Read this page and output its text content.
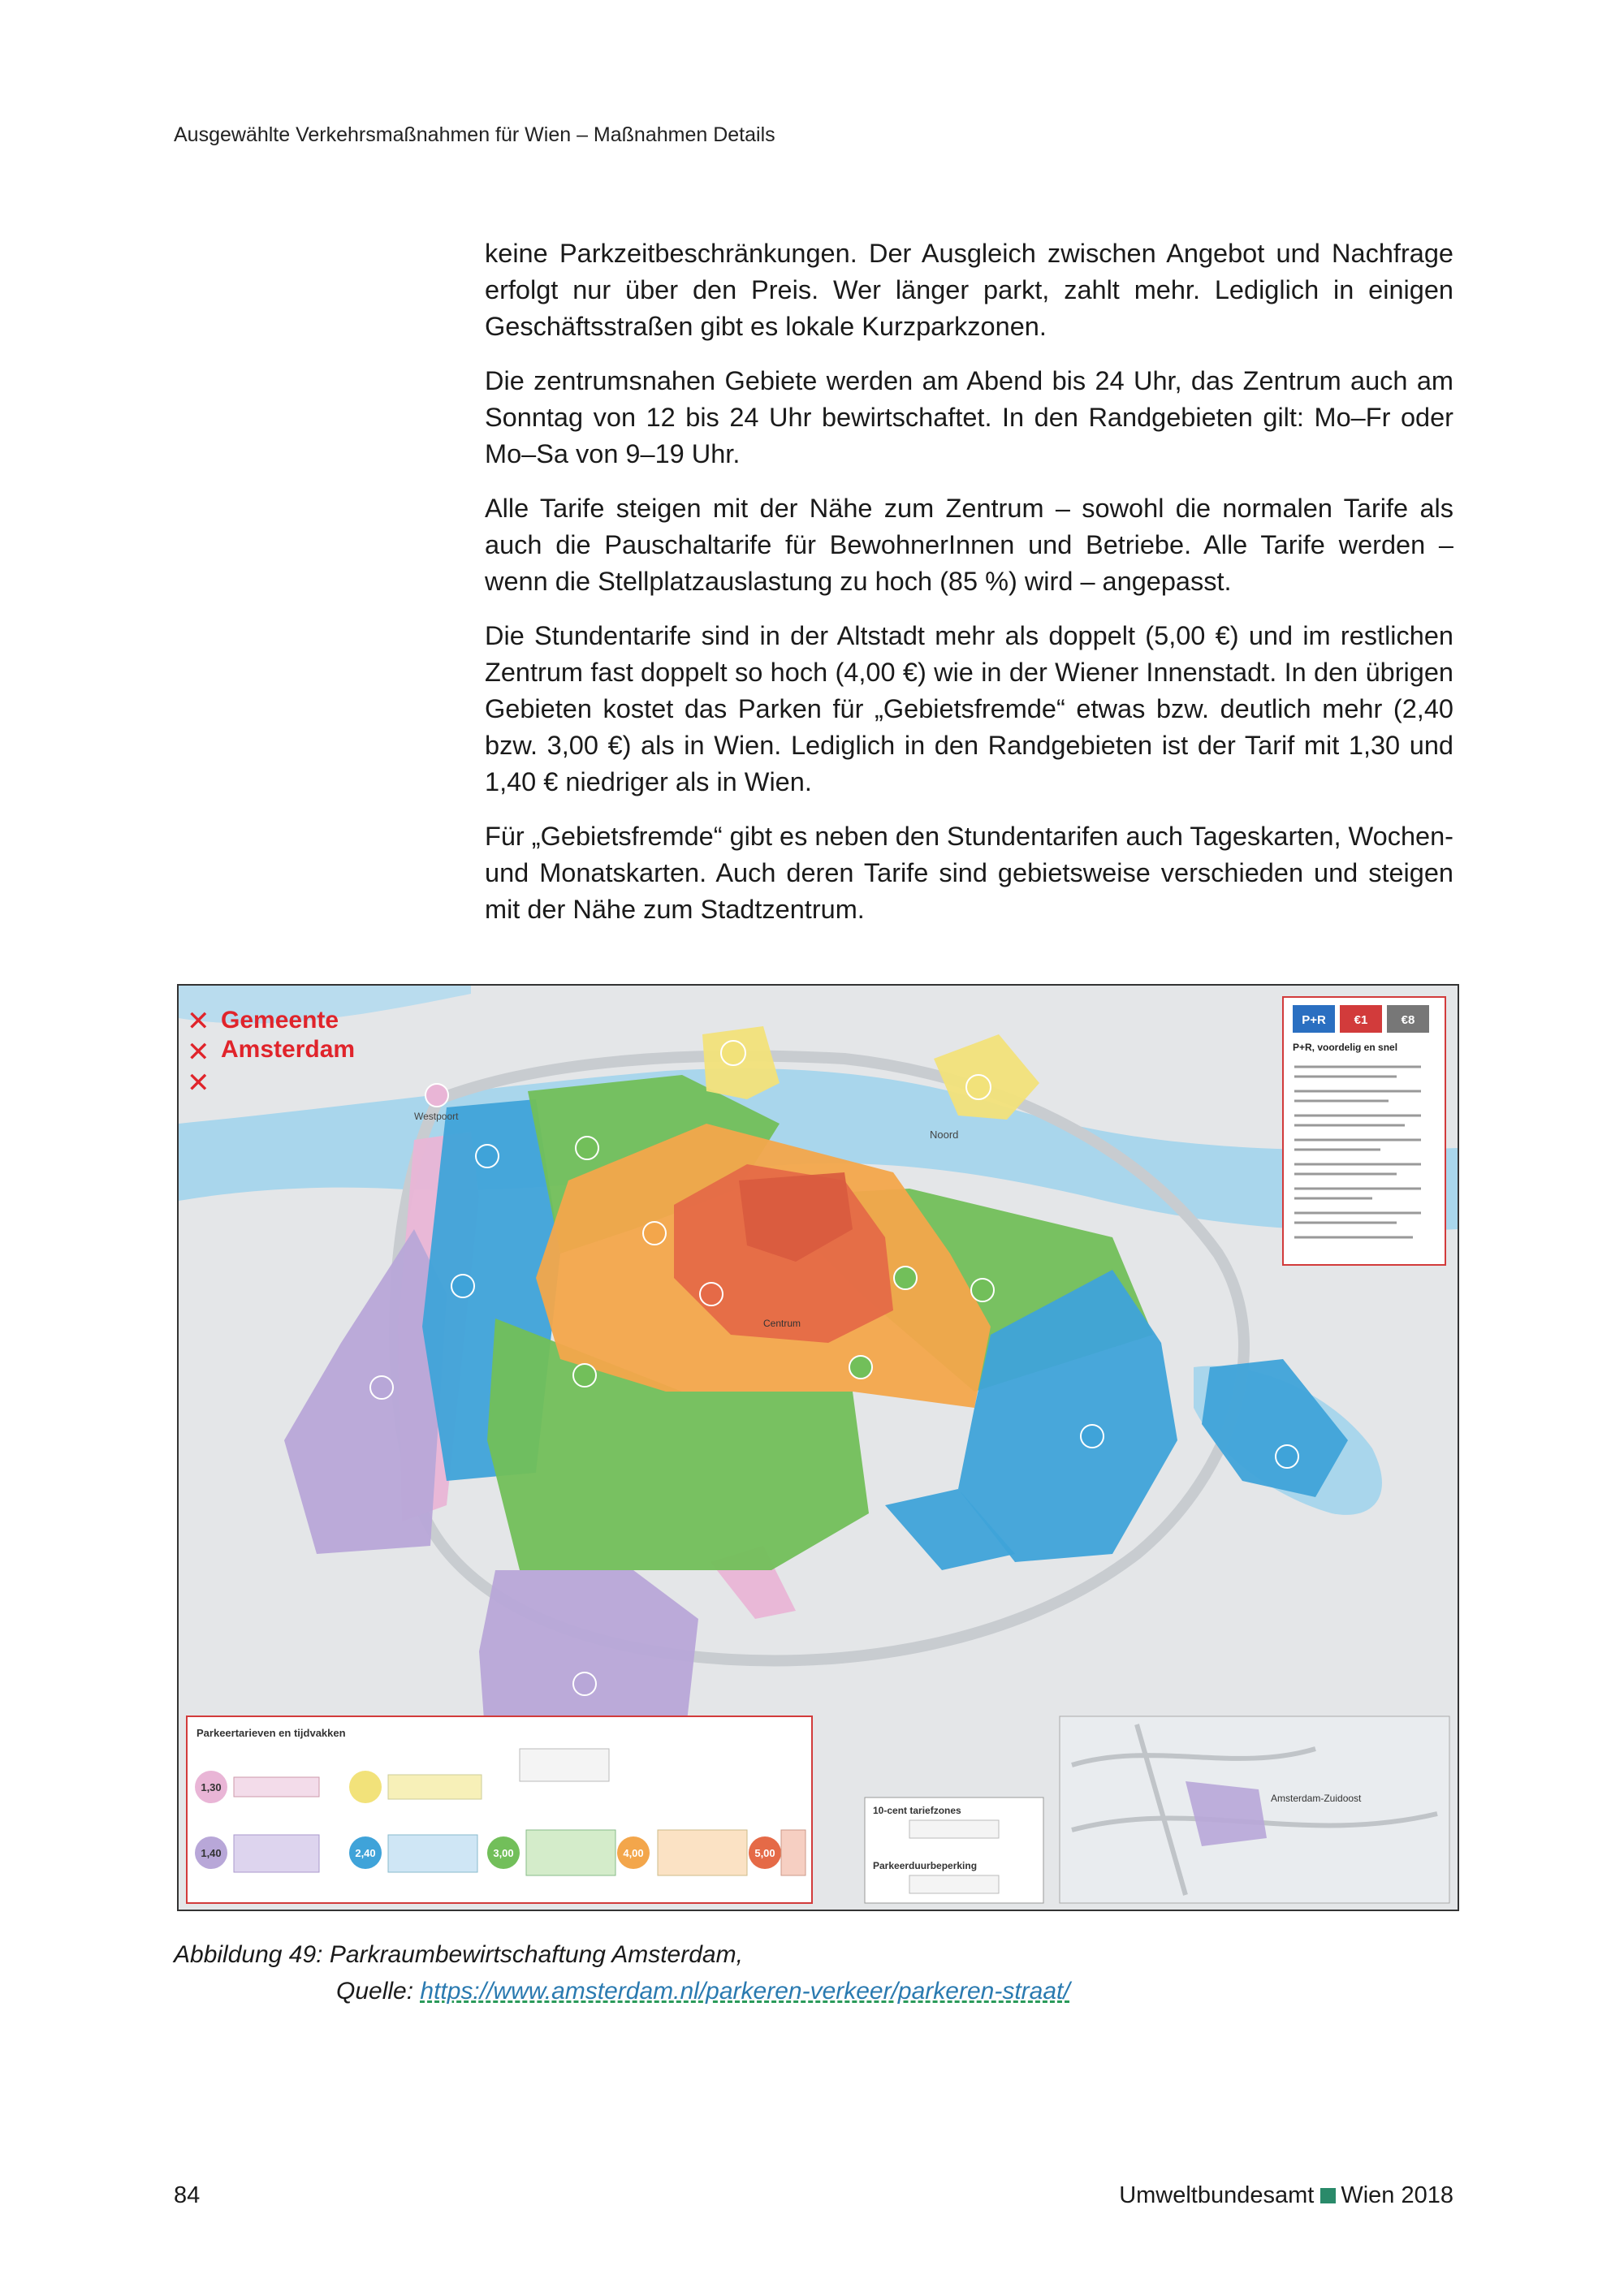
Ausgewählte Verkehrsmaßnahmen für Wien – Maßnahmen Details

keine Parkzeitbeschränkungen. Der Ausgleich zwischen Angebot und Nachfrage erfolgt nur über den Preis. Wer länger parkt, zahlt mehr. Lediglich in einigen Geschäftsstraßen gibt es lokale Kurzparkzonen.

Die zentrumsnahen Gebiete werden am Abend bis 24 Uhr, das Zentrum auch am Sonntag von 12 bis 24 Uhr bewirtschaftet. In den Randgebieten gilt: Mo–Fr oder Mo–Sa von 9–19 Uhr.

Alle Tarife steigen mit der Nähe zum Zentrum – sowohl die normalen Tarife als auch die Pauschaltarife für BewohnerInnen und Betriebe. Alle Tarife werden – wenn die Stellplatzauslastung zu hoch (85 %) wird – angepasst.

Die Stundentarife sind in der Altstadt mehr als doppelt (5,00 €) und im restlichen Zentrum fast doppelt so hoch (4,00 €) wie in der Wiener Innenstadt. In den übrigen Gebieten kostet das Parken für „Gebietsfremde“ etwas bzw. deutlich mehr (2,40 bzw. 3,00 €) als in Wien. Lediglich in den Randgebieten ist der Tarif mit 1,30 und 1,40 € niedriger als in Wien.

Für „Gebietsfremde“ gibt es neben den Stundentarifen auch Tageskarten, Wochen- und Monatskarten. Auch deren Tarife sind gebietsweise verschieden und steigen mit der Nähe zum Stadtzentrum.

✕
✕
✕
Gemeente
Amsterdam
Noord
Westpoort
Centrum
P+R €1	€8
P+R, voordelig en snel
Parkeertarieven en tijdvakken
1,30
1,40	2,40	3,00	4,00	5,00
10-cent tariefzones
Parkeerduurbeperking
Amsterdam-Zuidoost
Abbildung 49: Parkraumbewirtschaftung Amsterdam,
Quelle: https://www.amsterdam.nl/parkeren-verkeer/parkeren-straat/
84	Umweltbundesamt Wien 2018
